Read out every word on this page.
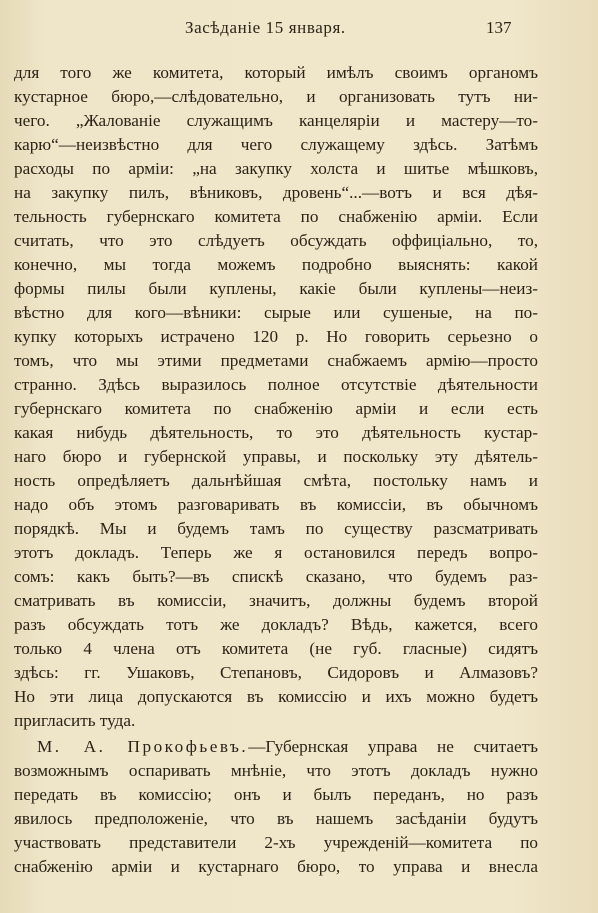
Засѣданіе 15 января.	137
для того же комитета, который имѣлъ своимъ органомъ
кустарное бюро,—слѣдовательно, и организовать тутъ ни-
чего. „Жалованіе служащимъ канцеляріи и мастеру—то-
карю“—неизвѣстно для чего служащему здѣсь. Затѣмъ
расходы по арміи: „на закупку холста и шитье мѣшковъ,
на закупку пилъ, вѣниковъ, дровень“...—вотъ и вся дѣя-
тельность губернскаго комитета по снабженію арміи. Если
считать, что это слѣдуетъ обсуждать оффиціально, то,
конечно, мы тогда можемъ подробно выяснять: какой
формы пилы были куплены, какіе были куплены—неиз-
вѣстно для кого—вѣники: сырые или сушеные, на по-
купку которыхъ истрачено 120 р. Но говорить серьезно о
томъ, что мы этими предметами снабжаемъ армію—просто
странно. Здѣсь выразилось полное отсутствіе дѣятельности
губернскаго комитета по снабженію арміи и если есть
какая нибудь дѣятельность, то это дѣятельность кустар-
наго бюро и губернской управы, и поскольку эту дѣятель-
ность опредѣляетъ дальнѣйшая смѣта, постольку намъ и
надо объ этомъ разговаривать въ комиссіи, въ обычномъ
порядкѣ. Мы и будемъ тамъ по существу разсматривать
этотъ докладъ. Теперь же я остановился передъ вопро-
сомъ: какъ быть?—въ спискѣ сказано, что будемъ раз-
сматривать въ комиссіи, значитъ, должны будемъ второй
разъ обсуждать тотъ же докладъ? Вѣдь, кажется, всего
только 4 члена отъ комитета (не губ. гласные) сидятъ
здѣсь: гг. Ушаковъ, Степановъ, Сидоровъ и Алмазовъ?
Но эти лица допускаются въ комиссію и ихъ можно будетъ
пригласить туда.
М. А. Прокофьевъ.—Губернская управа не считаетъ
возможнымъ оспаривать мнѣніе, что этотъ докладъ нужно
передать въ комиссію; онъ и былъ переданъ, но разъ
явилось предположеніе, что въ нашемъ засѣданіи будутъ
участвовать представители 2-хъ учрежденій—комитета по
снабженію арміи и кустарнаго бюро, то управа и внесла
